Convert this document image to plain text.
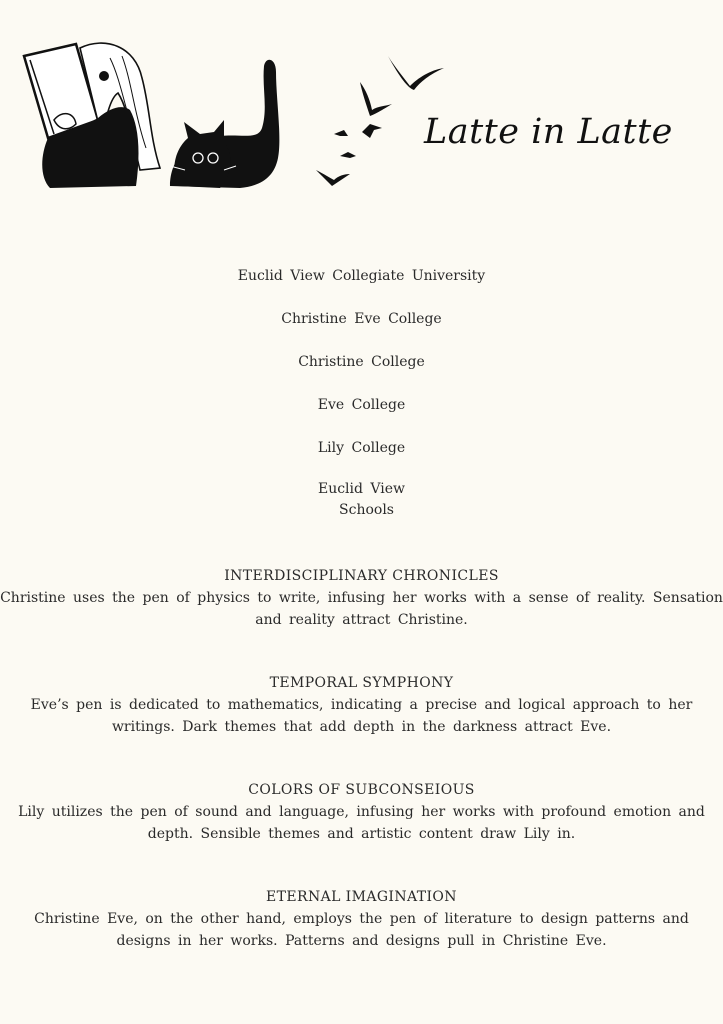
Latte in Latte
Euclid View Collegiate University
Christine Eve College
Christine College
Eve College
Lily College
Euclid View
Schools
INTERDISCIPLINARY CHRONICLES

Christine uses the pen of physics to write, infusing her works with a sense of reality. Sensation and reality attract Christine.

TEMPORAL SYMPHONY

Eve’s pen is dedicated to mathematics, indicating a precise and logical approach to her writings. Dark themes that add depth in the darkness attract Eve.

COLORS OF SUBCONSEIOUS

Lily utilizes the pen of sound and language, infusing her works with profound emotion and depth. Sensible themes and artistic content draw Lily in.

ETERNAL IMAGINATION

Christine Eve, on the other hand, employs the pen of literature to design patterns and designs in her works. Patterns and designs pull in Christine Eve.
